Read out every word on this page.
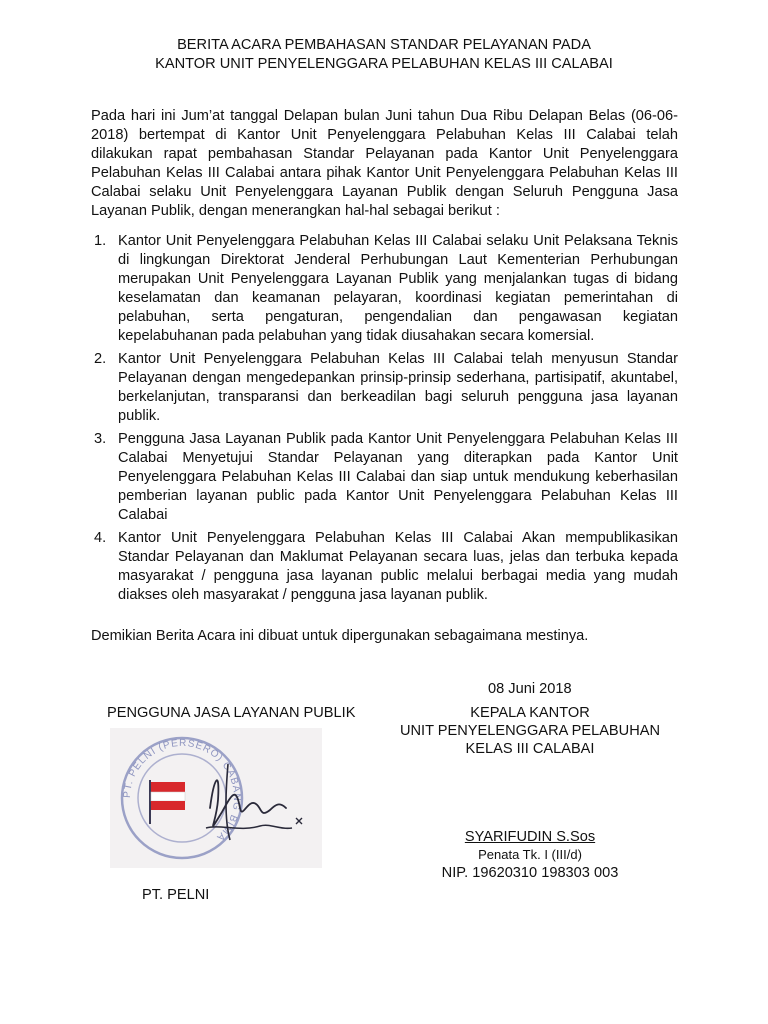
BERITA ACARA PEMBAHASAN STANDAR PELAYANAN PADA
KANTOR UNIT PENYELENGGARA PELABUHAN KELAS III CALABAI

Pada hari ini Jum’at tanggal Delapan bulan Juni tahun Dua Ribu Delapan Belas (06-06-2018) bertempat di Kantor Unit Penyelenggara Pelabuhan Kelas III Calabai telah dilakukan rapat pembahasan Standar Pelayanan pada Kantor Unit Penyelenggara Pelabuhan Kelas III Calabai antara pihak Kantor Unit Penyelenggara Pelabuhan Kelas III Calabai selaku Unit Penyelenggara Layanan Publik dengan Seluruh Pengguna Jasa Layanan Publik, dengan menerangkan hal-hal sebagai berikut :

1. Kantor Unit Penyelenggara Pelabuhan Kelas III Calabai selaku Unit Pelaksana Teknis di lingkungan Direktorat Jenderal Perhubungan Laut Kementerian Perhubungan merupakan Unit Penyelenggara Layanan Publik yang menjalankan tugas di bidang keselamatan dan keamanan pelayaran, koordinasi kegiatan pemerintahan di pelabuhan, serta pengaturan, pengendalian dan pengawasan kegiatan kepelabuhanan pada pelabuhan yang tidak diusahakan secara komersial.
2. Kantor Unit Penyelenggara Pelabuhan Kelas III Calabai telah menyusun Standar Pelayanan dengan mengedepankan prinsip-prinsip sederhana, partisipatif, akuntabel, berkelanjutan, transparansi dan berkeadilan bagi seluruh pengguna jasa layanan publik.
3. Pengguna Jasa Layanan Publik pada Kantor Unit Penyelenggara Pelabuhan Kelas III Calabai Menyetujui Standar Pelayanan yang diterapkan pada Kantor Unit Penyelenggara Pelabuhan Kelas III Calabai dan siap untuk mendukung keberhasilan pemberian layanan public pada Kantor Unit Penyelenggara Pelabuhan Kelas III Calabai
4. Kantor Unit Penyelenggara Pelabuhan Kelas III Calabai Akan mempublikasikan Standar Pelayanan dan Maklumat Pelayanan secara luas, jelas dan terbuka kepada masyarakat / pengguna jasa layanan public melalui berbagai media yang mudah diakses oleh masyarakat / pengguna jasa layanan publik.
Demikian Berita Acara ini dibuat untuk dipergunakan sebagaimana mestinya.
08 Juni 2018
PENGGUNA JASA LAYANAN PUBLIK
PT. PELNI (PERSERO) CABANG BIMA
PT. PELNI
KEPALA KANTOR
UNIT PENYELENGGARA PELABUHAN
KELAS III CALABAI
SYARIFUDIN S.Sos
Penata Tk. I (III/d)
NIP. 19620310 198303 003
